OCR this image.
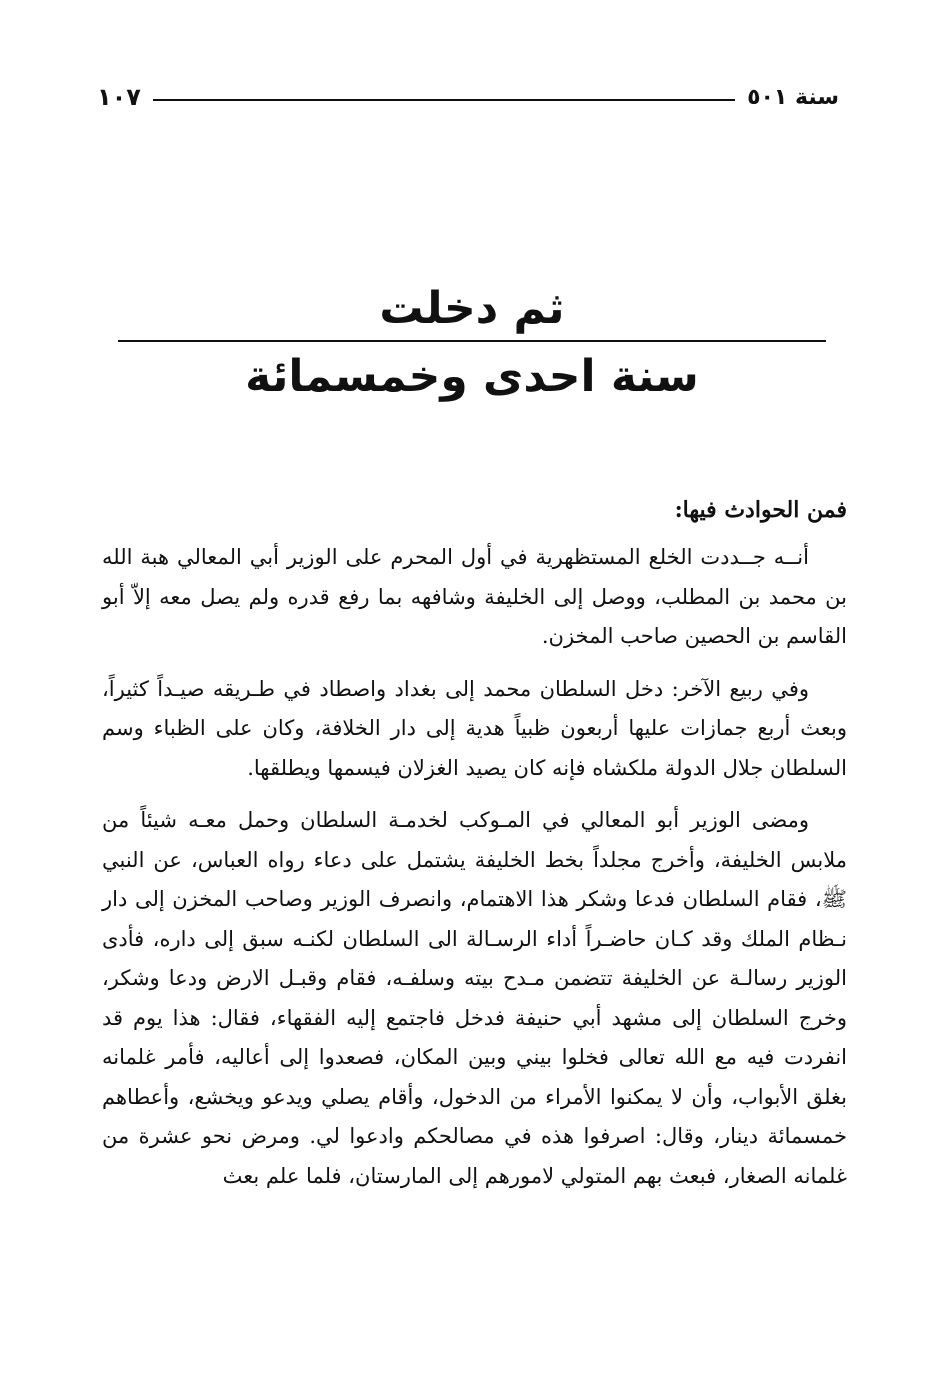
سنة ٥٠١
١٠٧
ثم دخلت
سنة احدى وخمسمائة
فمن الحوادث فيها:

أنــه جــددت الخلع المستظهرية في أول المحرم على الوزير أبي المعالي هبة الله بن محمد بن المطلب، ووصل إلى الخليفة وشافهه بما رفع قدره ولم يصل معه إلاّ أبو القاسم بن الحصين صاحب المخزن.

وفي ربيع الآخر: دخل السلطان محمد إلى بغداد واصطاد في طـريقه صيـداً كثيراً، وبعث أربع جمازات عليها أربعون ظبياً هدية إلى دار الخلافة، وكان على الظباء وسم السلطان جلال الدولة ملكشاه فإنه كان يصيد الغزلان فيسمها ويطلقها.

ومضى الوزير أبو المعالي في المـوكب لخدمـة السلطان وحمل معـه شيئاً من ملابس الخليفة، وأخرج مجلداً بخط الخليفة يشتمل على دعاء رواه العباس، عن النبي ﷺ، فقام السلطان فدعا وشكر هذا الاهتمام، وانصرف الوزير وصاحب المخزن إلى دار نـظام الملك وقد كـان حاضـراً أداء الرسـالة الى السلطان لكنـه سبق إلى داره، فأدى الوزير رسالـة عن الخليفة تتضمن مـدح بيته وسلفـه، فقام وقبـل الارض ودعا وشكر، وخرج السلطان إلى مشهد أبي حنيفة فدخل فاجتمع إليه الفقهاء، فقال: هذا يوم قد انفردت فيه مع الله تعالى فخلوا بيني وبين المكان، فصعدوا إلى أعاليه، فأمر غلمانه بغلق الأبواب، وأن لا يمكنوا الأمراء من الدخول، وأقام يصلي ويدعو ويخشع، وأعطاهم خمسمائة دينار، وقال: اصرفوا هذه في مصالحكم وادعوا لي. ومرض نحو عشرة من غلمانه الصغار، فبعث بهم المتولي لامورهم إلى المارستان، فلما علم بعث
